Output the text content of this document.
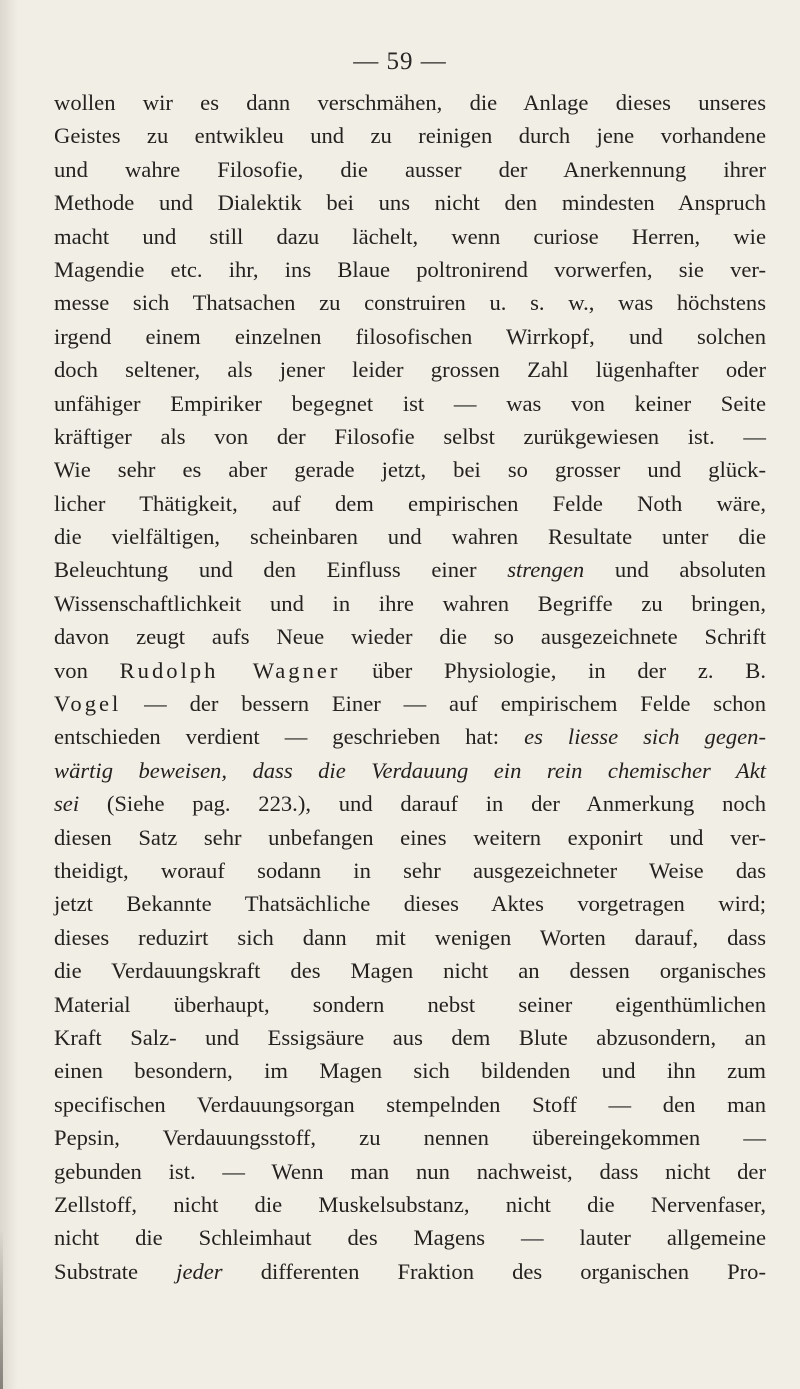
— 59 —
wollen wir es dann verschmähen, die Anlage dieses unseres
Geistes zu entwikleu und zu reinigen durch jene vorhandene
und wahre Filosofie, die ausser der Anerkennung ihrer
Methode und Dialektik bei uns nicht den mindesten Anspruch
macht und still dazu lächelt, wenn curiose Herren, wie
Magendie etc. ihr, ins Blaue poltronirend vorwerfen, sie ver-
messe sich Thatsachen zu construiren u. s. w., was höchstens
irgend einem einzelnen filosofischen Wirrkopf, und solchen
doch seltener, als jener leider grossen Zahl lügenhafter oder
unfähiger Empiriker begegnet ist — was von keiner Seite
kräftiger als von der Filosofie selbst zurükgewiesen ist. —
Wie sehr es aber gerade jetzt, bei so grosser und glück-
licher Thätigkeit, auf dem empirischen Felde Noth wäre,
die vielfältigen, scheinbaren und wahren Resultate unter die
Beleuchtung und den Einfluss einer strengen und absoluten
Wissenschaftlichkeit und in ihre wahren Begriffe zu bringen,
davon zeugt aufs Neue wieder die so ausgezeichnete Schrift
von Rudolph Wagner über Physiologie, in der z. B.
Vogel — der bessern Einer — auf empirischem Felde schon
entschieden verdient — geschrieben hat: es liesse sich gegen-
wärtig beweisen, dass die Verdauung ein rein chemischer Akt
sei (Siehe pag. 223.), und darauf in der Anmerkung noch
diesen Satz sehr unbefangen eines weitern exponirt und ver-
theidigt, worauf sodann in sehr ausgezeichneter Weise das
jetzt Bekannte Thatsächliche dieses Aktes vorgetragen wird;
dieses reduzirt sich dann mit wenigen Worten darauf, dass
die Verdauungskraft des Magen nicht an dessen organisches
Material überhaupt, sondern nebst seiner eigenthümlichen
Kraft Salz- und Essigsäure aus dem Blute abzusondern, an
einen besondern, im Magen sich bildenden und ihn zum
specifischen Verdauungsorgan stempelnden Stoff — den man
Pepsin, Verdauungsstoff, zu nennen übereingekommen —
gebunden ist. — Wenn man nun nachweist, dass nicht der
Zellstoff, nicht die Muskelsubstanz, nicht die Nervenfaser,
nicht die Schleimhaut des Magens — lauter allgemeine
Substrate jeder differenten Fraktion des organischen Pro-
